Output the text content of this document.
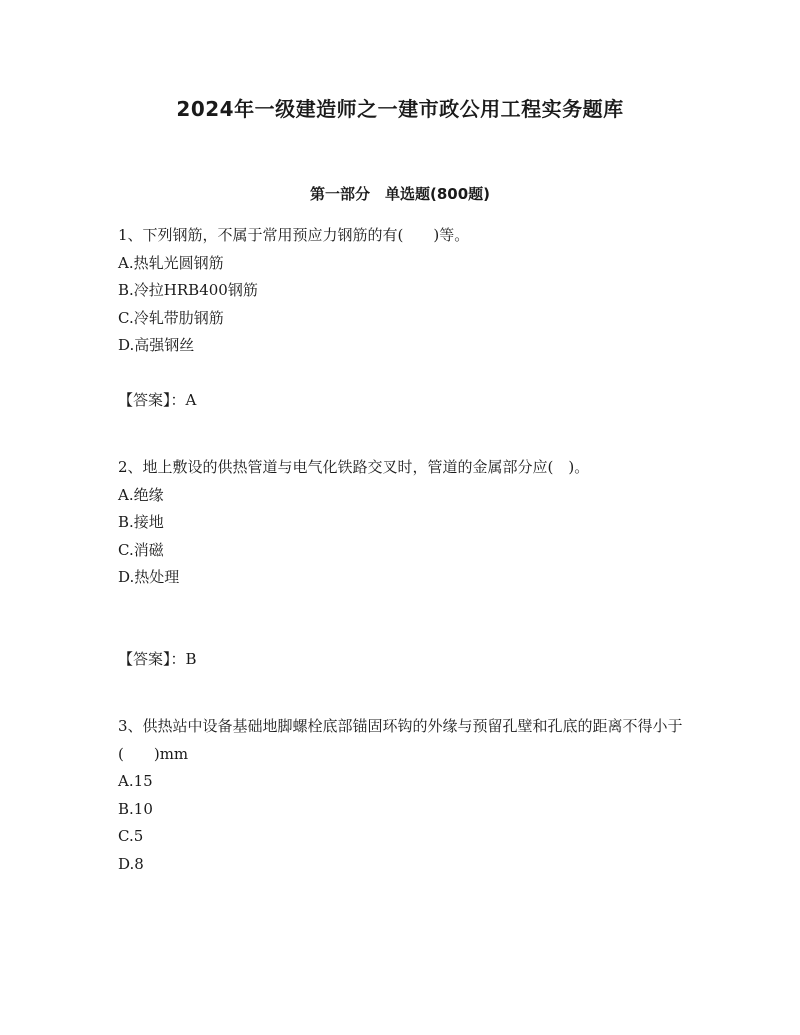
2024年一级建造师之一建市政公用工程实务题库
第一部分　单选题(800题)
1、下列钢筋，不属于常用预应力钢筋的有(　　)等。
A.热轧光圆钢筋
B.冷拉HRB400钢筋
C.冷轧带肋钢筋
D.高强钢丝
【答案】：A
2、地上敷设的供热管道与电气化铁路交叉时，管道的金属部分应(　)。
A.绝缘
B.接地
C.消磁
D.热处理
【答案】：B
3、供热站中设备基础地脚螺栓底部锚固环钩的外缘与预留孔壁和孔底的距离不得小于(　　)mm
A.15
B.10
C.5
D.8
